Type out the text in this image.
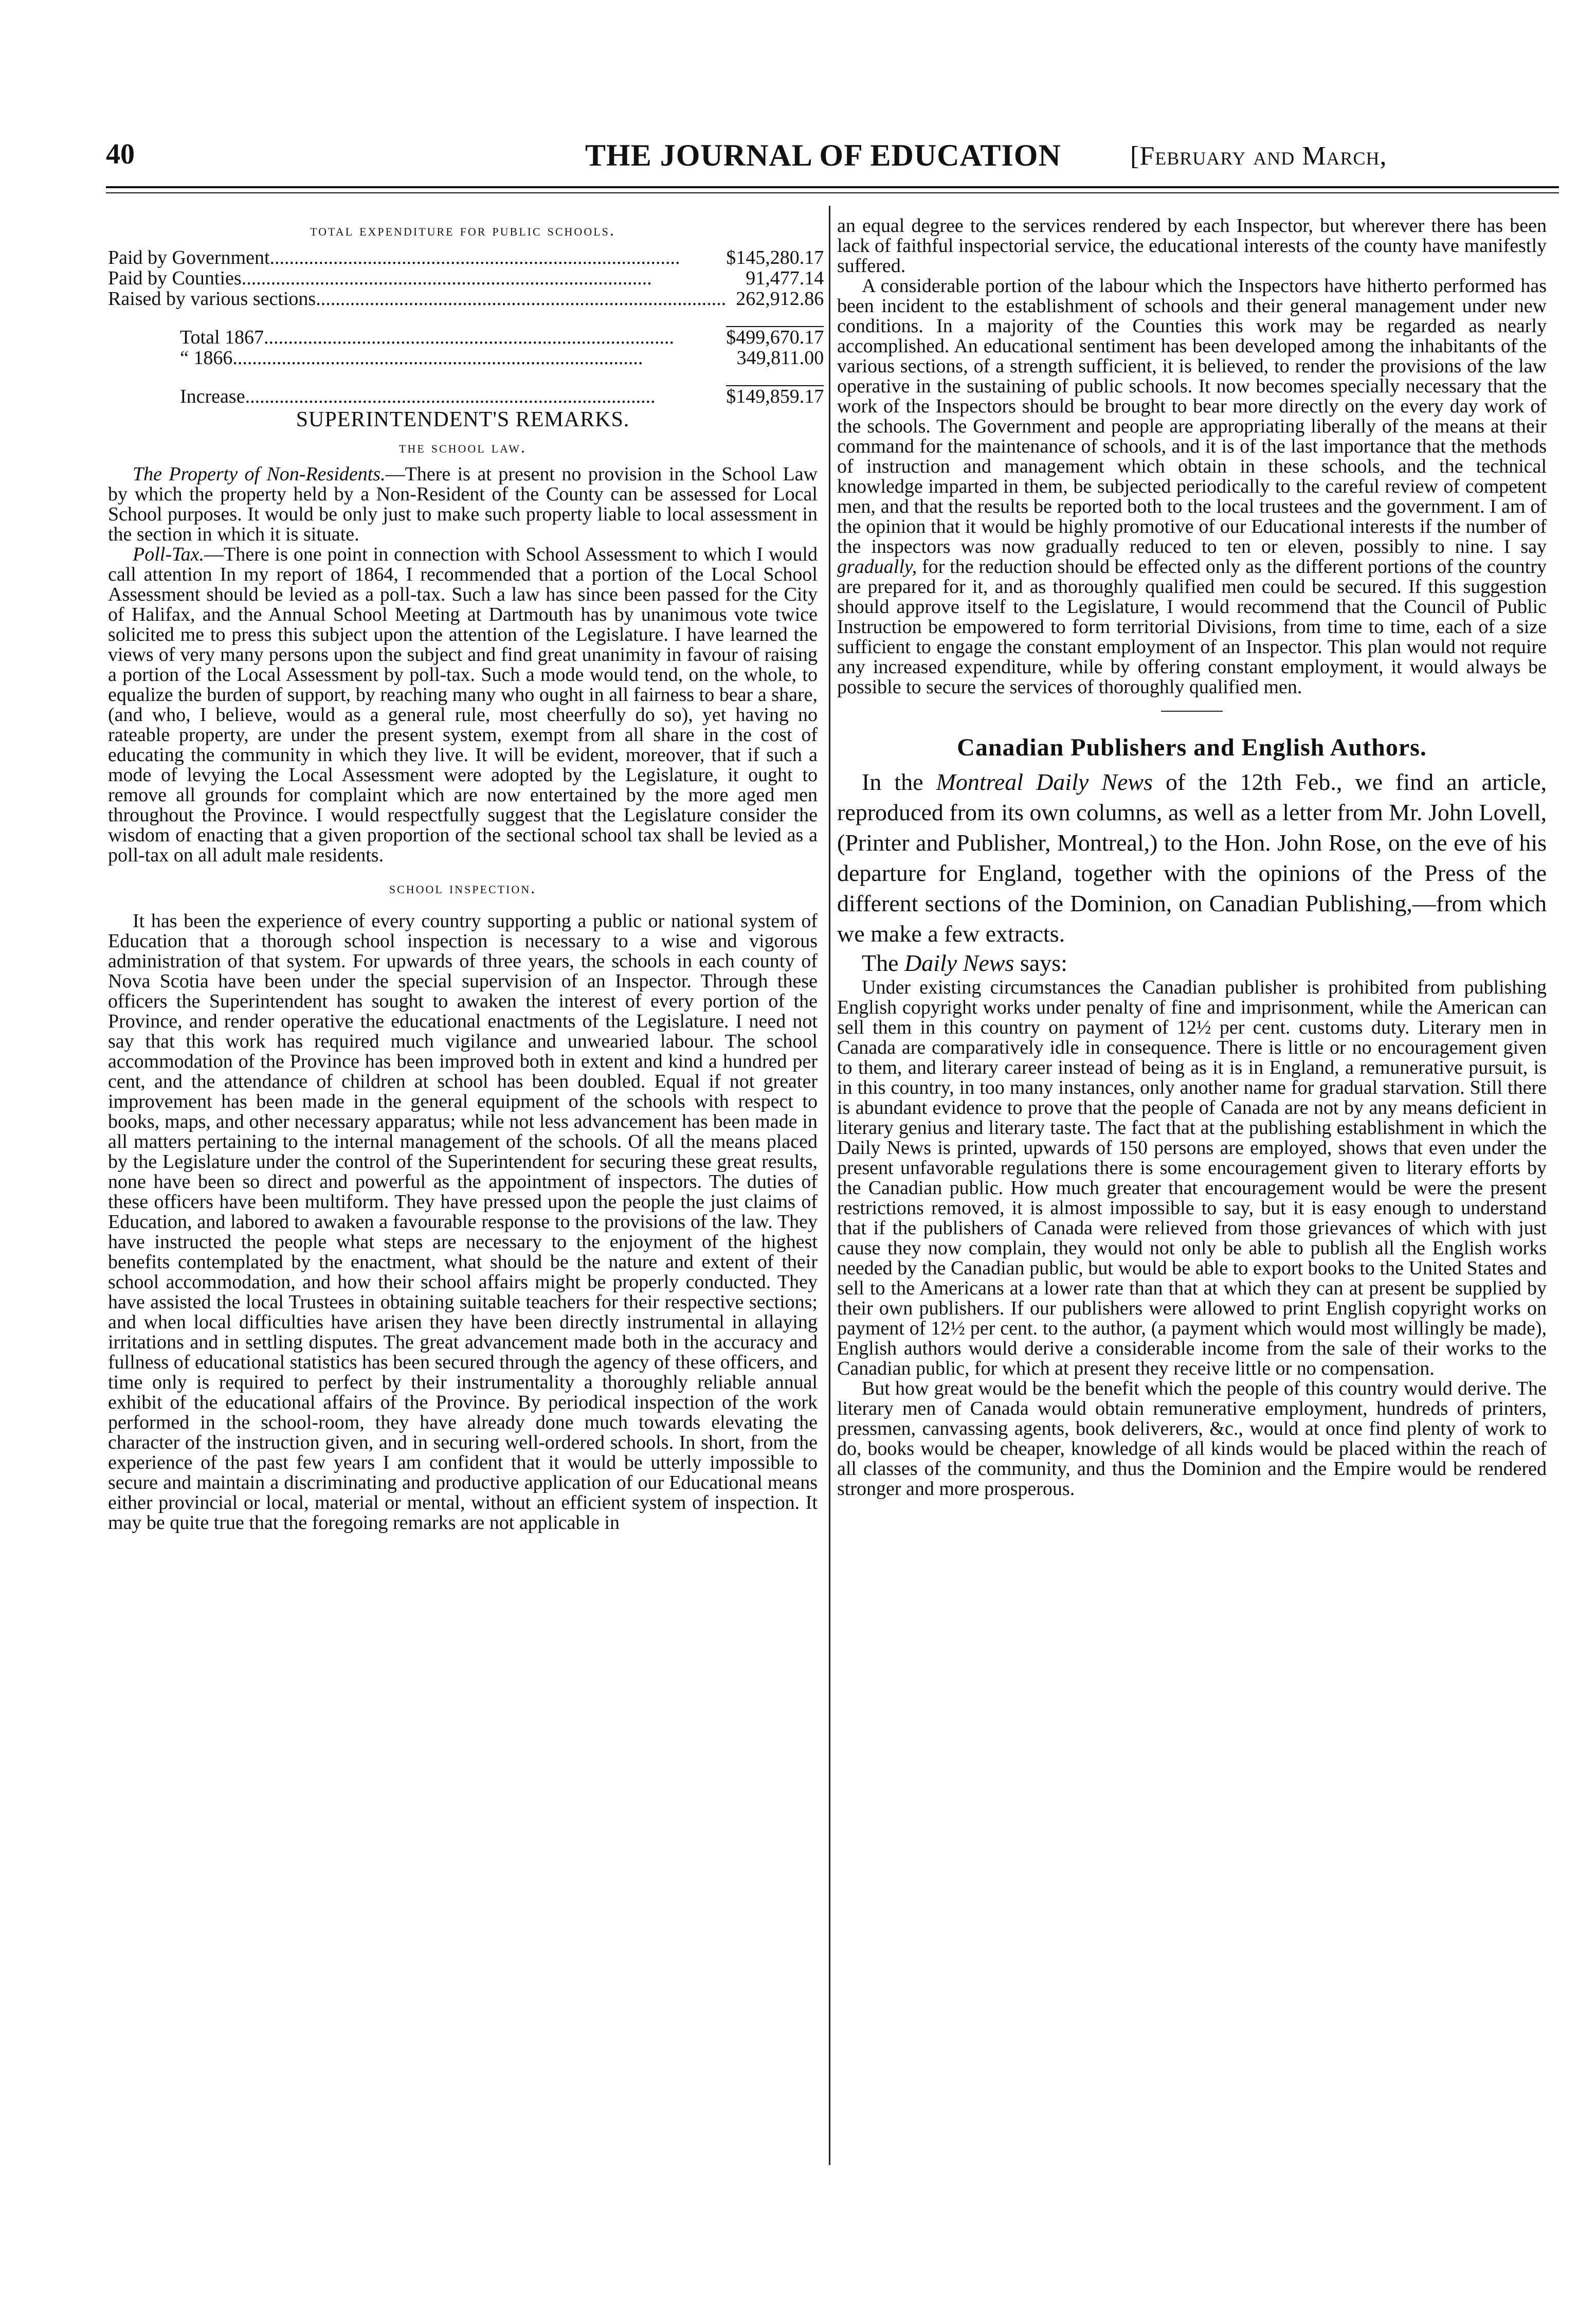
40	THE JOURNAL OF EDUCATION	[February and March,
total expenditure for public schools.
Paid by Government ....................................................................................	$145,280.17

Paid by Counties ....................................................................................	91,477.14

Raised by various sections ....................................................................................	262,912.86

Total 1867 ....................................................................................	$499,670.17

“ 1866 ....................................................................................	349,811.00

Increase ....................................................................................	$149,859.17
SUPERINTENDENT'S REMARKS.
the school law.

The Property of Non-Residents.—There is at present no provision in the School Law by which the property held by a Non-Resident of the County can be assessed for Local School purposes. It would be only just to make such property liable to local assessment in the section in which it is situate.

Poll-Tax.—There is one point in connection with School Assessment to which I would call attention In my report of 1864, I recommended that a portion of the Local School Assessment should be levied as a poll-tax. Such a law has since been passed for the City of Halifax, and the Annual School Meeting at Dartmouth has by unanimous vote twice solicited me to press this subject upon the attention of the Legislature. I have learned the views of very many persons upon the subject and find great unanimity in favour of raising a portion of the Local Assessment by poll-tax. Such a mode would tend, on the whole, to equalize the burden of support, by reaching many who ought in all fairness to bear a share, (and who, I believe, would as a general rule, most cheerfully do so), yet having no rateable property, are under the present system, exempt from all share in the cost of educating the community in which they live. It will be evident, moreover, that if such a mode of levying the Local Assessment were adopted by the Legislature, it ought to remove all grounds for complaint which are now entertained by the more aged men throughout the Province. I would respectfully suggest that the Legislature consider the wisdom of enacting that a given proportion of the sectional school tax shall be levied as a poll-tax on all adult male residents.

school inspection.

It has been the experience of every country supporting a public or national system of Education that a thorough school inspection is necessary to a wise and vigorous administration of that system. For upwards of three years, the schools in each county of Nova Scotia have been under the special supervision of an Inspector. Through these officers the Superintendent has sought to awaken the interest of every portion of the Province, and render operative the educational enactments of the Legislature. I need not say that this work has required much vigilance and unwearied labour. The school accommodation of the Province has been improved both in extent and kind a hundred per cent, and the attendance of children at school has been doubled. Equal if not greater improvement has been made in the general equipment of the schools with respect to books, maps, and other necessary apparatus; while not less advancement has been made in all matters pertaining to the internal management of the schools. Of all the means placed by the Legislature under the control of the Superintendent for securing these great results, none have been so direct and powerful as the appointment of inspectors. The duties of these officers have been multiform. They have pressed upon the people the just claims of Education, and labored to awaken a favourable response to the provisions of the law. They have instructed the people what steps are necessary to the enjoyment of the highest benefits contemplated by the enactment, what should be the nature and extent of their school accommodation, and how their school affairs might be properly conducted. They have assisted the local Trustees in obtaining suitable teachers for their respective sections; and when local difficulties have arisen they have been directly instrumental in allaying irritations and in settling disputes. The great advancement made both in the accuracy and fullness of educational statistics has been secured through the agency of these officers, and time only is required to perfect by their instrumentality a thoroughly reliable annual exhibit of the educational affairs of the Province. By periodical inspection of the work performed in the school-room, they have already done much towards elevating the character of the instruction given, and in securing well-ordered schools. In short, from the experience of the past few years I am confident that it would be utterly impossible to secure and maintain a discriminating and productive application of our Educational means either provincial or local, material or mental, without an efficient system of inspection. It may be quite true that the foregoing remarks are not applicable in

an equal degree to the services rendered by each Inspector, but wherever there has been lack of faithful inspectorial service, the educational interests of the county have manifestly suffered.

A considerable portion of the labour which the Inspectors have hitherto performed has been incident to the establishment of schools and their general management under new conditions. In a majority of the Counties this work may be regarded as nearly accomplished. An educational sentiment has been developed among the inhabitants of the various sections, of a strength sufficient, it is believed, to render the provisions of the law operative in the sustaining of public schools. It now becomes specially necessary that the work of the Inspectors should be brought to bear more directly on the every day work of the schools. The Government and people are appropriating liberally of the means at their command for the maintenance of schools, and it is of the last importance that the methods of instruction and management which obtain in these schools, and the technical knowledge imparted in them, be subjected periodically to the careful review of competent men, and that the results be reported both to the local trustees and the government. I am of the opinion that it would be highly promotive of our Educational interests if the number of the inspectors was now gradually reduced to ten or eleven, possibly to nine. I say gradually, for the reduction should be effected only as the different portions of the country are prepared for it, and as thoroughly qualified men could be secured. If this suggestion should approve itself to the Legislature, I would recommend that the Council of Public Instruction be empowered to form territorial Divisions, from time to time, each of a size sufficient to engage the constant employment of an Inspector. This plan would not require any increased expenditure, while by offering constant employment, it would always be possible to secure the services of thoroughly qualified men.

Canadian Publishers and English Authors.

In the Montreal Daily News of the 12th Feb., we find an article, reproduced from its own columns, as well as a letter from Mr. John Lovell, (Printer and Publisher, Montreal,) to the Hon. John Rose, on the eve of his departure for England, together with the opinions of the Press of the different sections of the Dominion, on Canadian Publishing,—from which we make a few extracts.

The Daily News says:

Under existing circumstances the Canadian publisher is prohibited from publishing English copyright works under penalty of fine and imprisonment, while the American can sell them in this country on payment of 12½ per cent. customs duty. Literary men in Canada are comparatively idle in consequence. There is little or no encouragement given to them, and literary career instead of being as it is in England, a remunerative pursuit, is in this country, in too many instances, only another name for gradual starvation. Still there is abundant evidence to prove that the people of Canada are not by any means deficient in literary genius and literary taste. The fact that at the publishing establishment in which the Daily News is printed, upwards of 150 persons are employed, shows that even under the present unfavorable regulations there is some encouragement given to literary efforts by the Canadian public. How much greater that encouragement would be were the present restrictions removed, it is almost impossible to say, but it is easy enough to understand that if the publishers of Canada were relieved from those grievances of which with just cause they now complain, they would not only be able to publish all the English works needed by the Canadian public, but would be able to export books to the United States and sell to the Americans at a lower rate than that at which they can at present be supplied by their own publishers. If our publishers were allowed to print English copyright works on payment of 12½ per cent. to the author, (a payment which would most willingly be made), English authors would derive a considerable income from the sale of their works to the Canadian public, for which at present they receive little or no compensation.

But how great would be the benefit which the people of this country would derive. The literary men of Canada would obtain remunerative employment, hundreds of printers, pressmen, canvassing agents, book deliverers, &c., would at once find plenty of work to do, books would be cheaper, knowledge of all kinds would be placed within the reach of all classes of the community, and thus the Dominion and the Empire would be rendered stronger and more prosperous.
